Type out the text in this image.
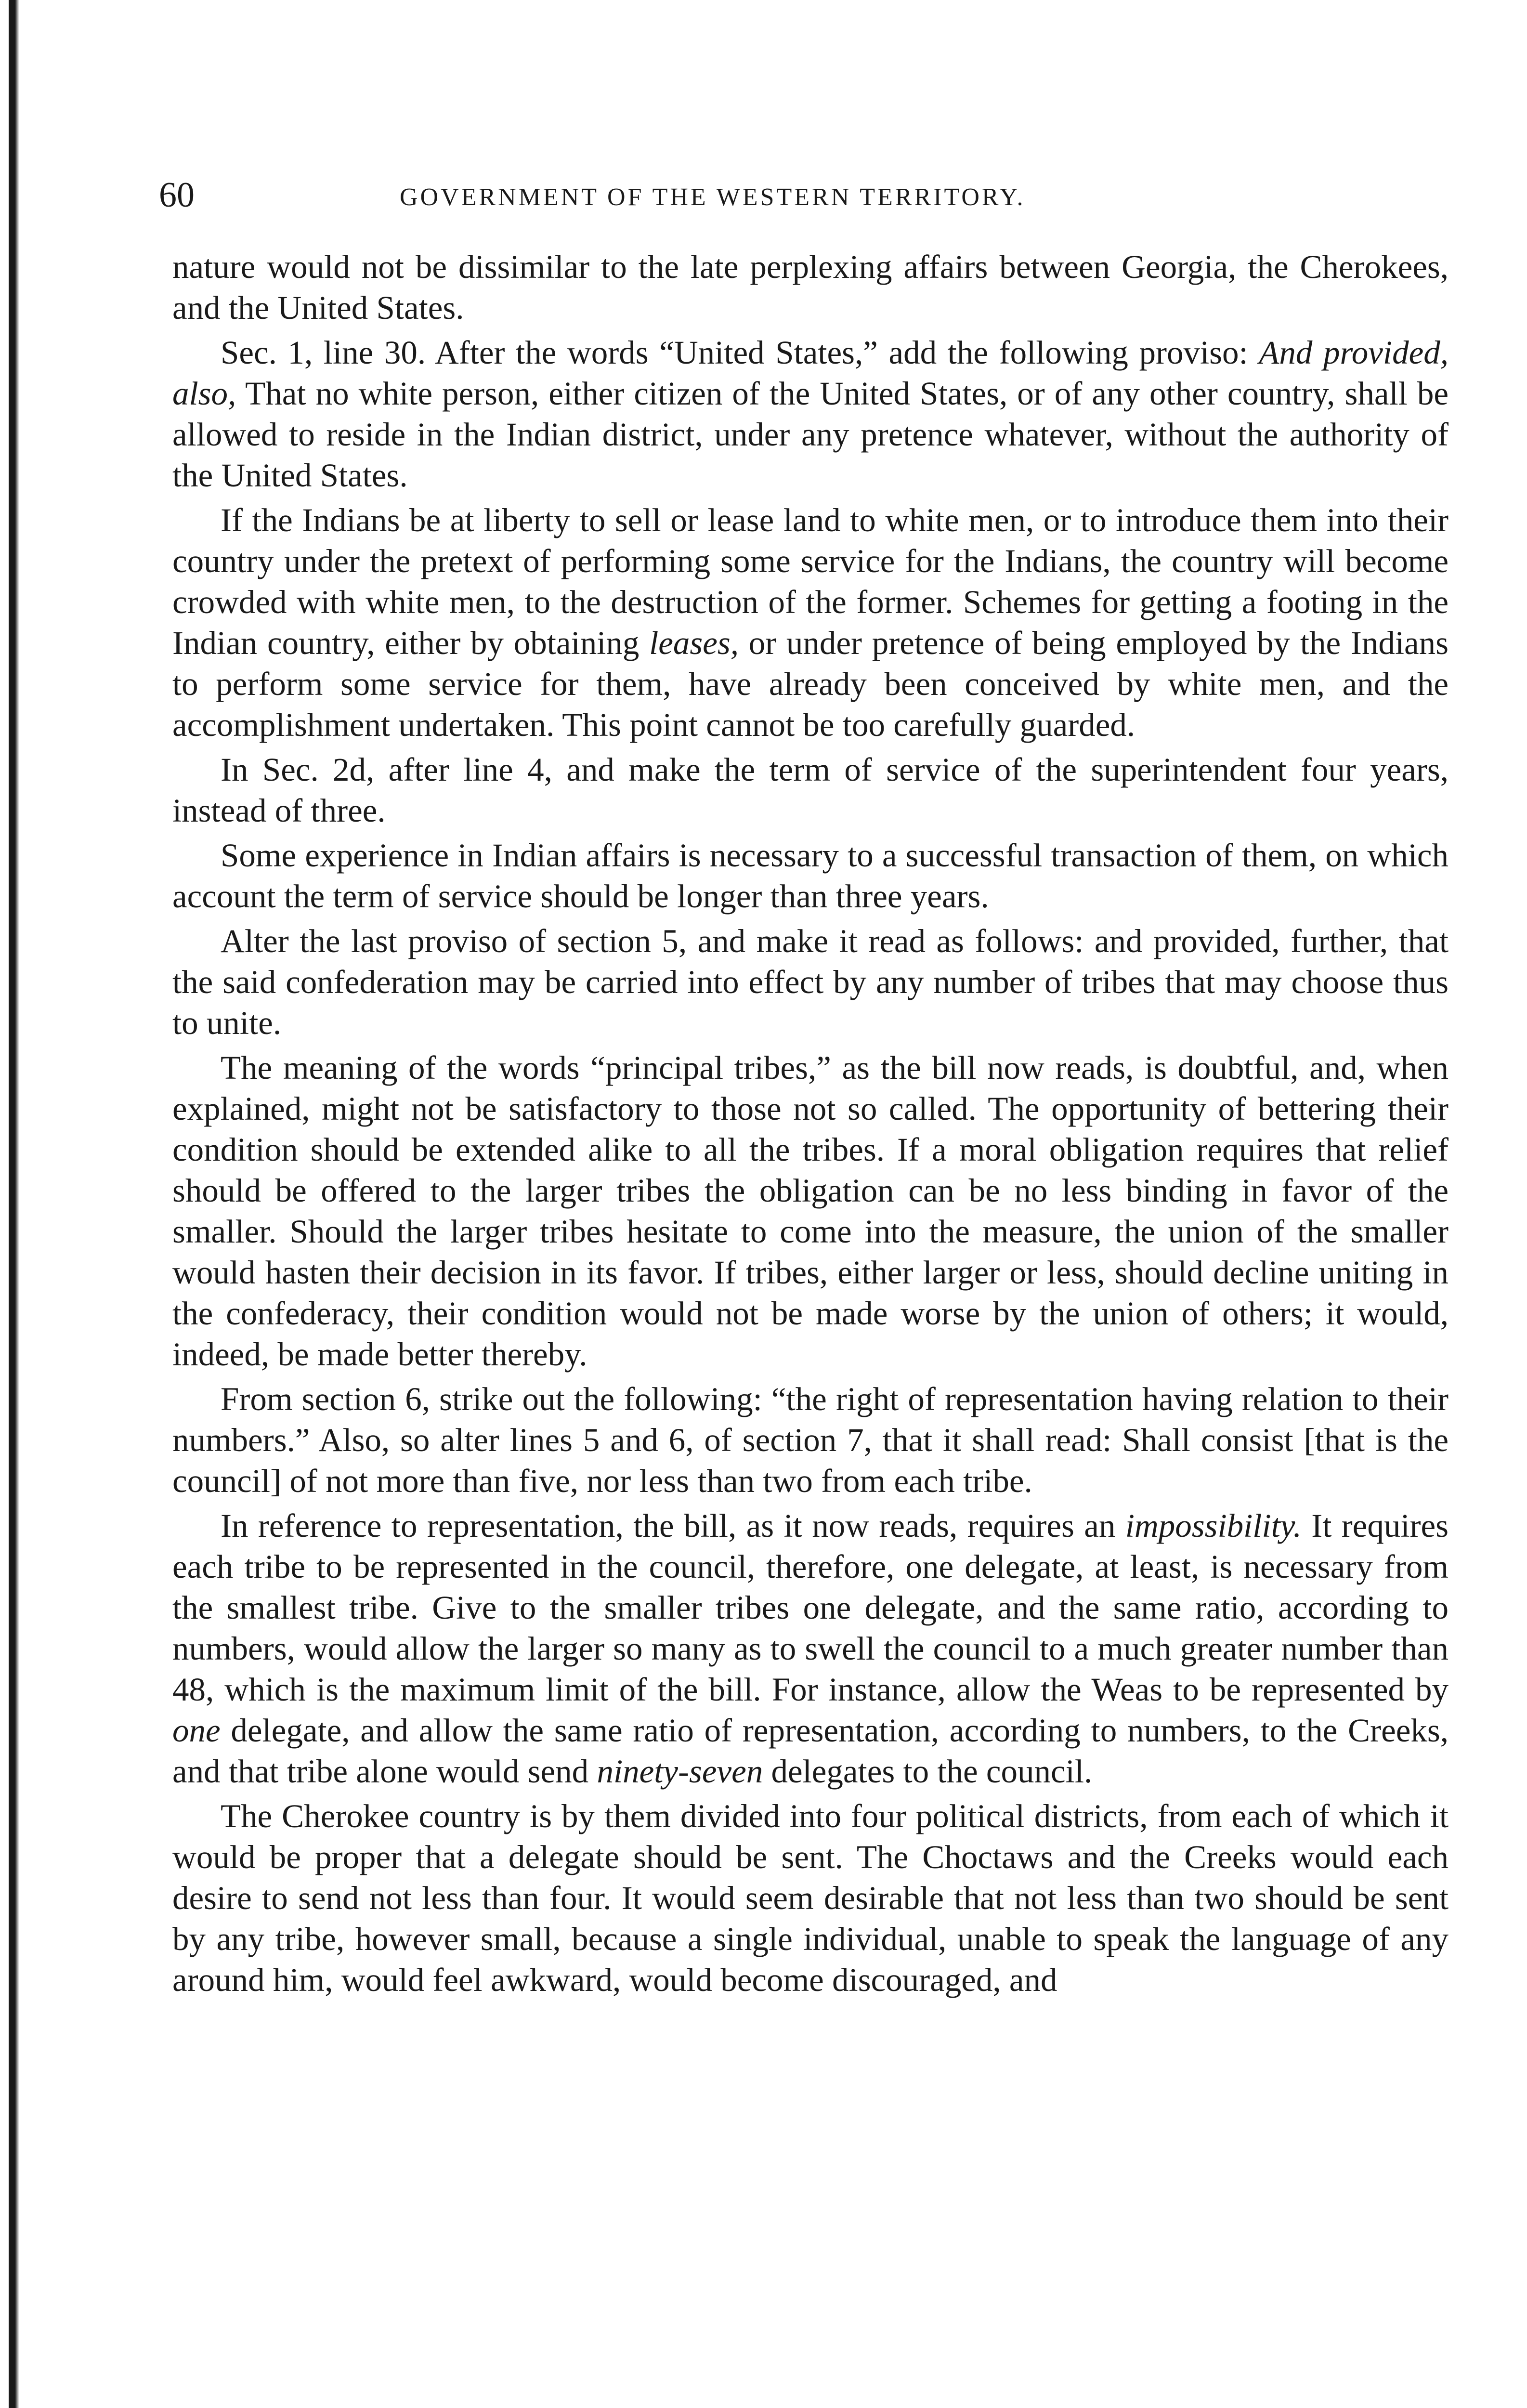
60	GOVERNMENT OF THE WESTERN TERRITORY.

nature would not be dissimilar to the late perplexing affairs between Georgia, the Cherokees, and the United States.

Sec. 1, line 30. After the words “United States,” add the following proviso: And provided, also, That no white person, either citizen of the United States, or of any other country, shall be allowed to reside in the Indian district, under any pretence whatever, without the authority of the United States.

If the Indians be at liberty to sell or lease land to white men, or to introduce them into their country under the pretext of performing some service for the Indians, the country will become crowded with white men, to the destruction of the former. Schemes for getting a footing in the Indian country, either by obtaining leases, or under pretence of being employed by the Indians to perform some service for them, have already been conceived by white men, and the accomplishment undertaken. This point cannot be too carefully guarded.

In Sec. 2d, after line 4, and make the term of service of the superintendent four years, instead of three.

Some experience in Indian affairs is necessary to a successful transaction of them, on which account the term of service should be longer than three years.

Alter the last proviso of section 5, and make it read as follows: and provided, further, that the said confederation may be carried into effect by any number of tribes that may choose thus to unite.

The meaning of the words “principal tribes,” as the bill now reads, is doubtful, and, when explained, might not be satisfactory to those not so called. The opportunity of bettering their condition should be extended alike to all the tribes. If a moral obligation requires that relief should be offered to the larger tribes the obligation can be no less binding in favor of the smaller. Should the larger tribes hesitate to come into the measure, the union of the smaller would hasten their decision in its favor. If tribes, either larger or less, should decline uniting in the confederacy, their condition would not be made worse by the union of others; it would, indeed, be made better thereby.

From section 6, strike out the following: “the right of representation having relation to their numbers.” Also, so alter lines 5 and 6, of section 7, that it shall read: Shall consist [that is the council] of not more than five, nor less than two from each tribe.

In reference to representation, the bill, as it now reads, requires an impossibility. It requires each tribe to be represented in the council, therefore, one delegate, at least, is necessary from the smallest tribe. Give to the smaller tribes one delegate, and the same ratio, according to numbers, would allow the larger so many as to swell the council to a much greater number than 48, which is the maximum limit of the bill. For instance, allow the Weas to be represented by one delegate, and allow the same ratio of representation, according to numbers, to the Creeks, and that tribe alone would send ninety-seven delegates to the council.

The Cherokee country is by them divided into four political districts, from each of which it would be proper that a delegate should be sent. The Choctaws and the Creeks would each desire to send not less than four. It would seem desirable that not less than two should be sent by any tribe, however small, because a single individual, unable to speak the language of any around him, would feel awkward, would become discouraged, and
